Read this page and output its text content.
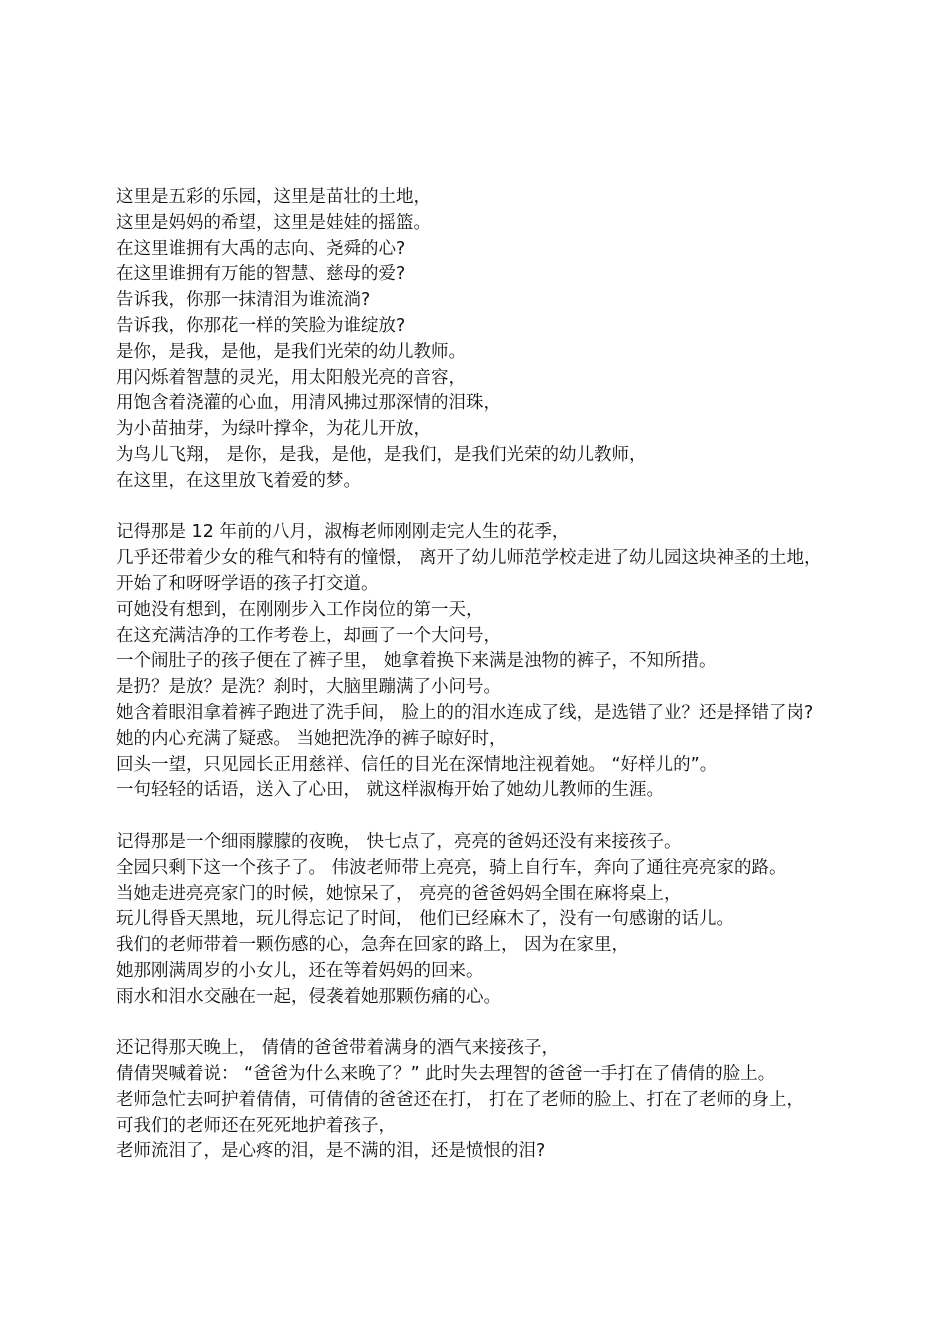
这里是五彩的乐园，这里是苗壮的土地，
这里是妈妈的希望，这里是娃娃的摇篮。
在这里谁拥有大禹的志向、尧舜的心?
在这里谁拥有万能的智慧、慈母的爱?
告诉我，你那一抹清泪为谁流淌?
告诉我，你那花一样的笑脸为谁绽放?
是你，是我，是他，是我们光荣的幼儿教师。
用闪烁着智慧的灵光，用太阳般光亮的音容，
用饱含着浇灌的心血，用清风拂过那深情的泪珠，
为小苗抽芽，为绿叶撑伞，为花儿开放，
为鸟儿飞翔， 是你，是我，是他，是我们，是我们光荣的幼儿教师，
在这里，在这里放飞着爱的梦。
记得那是 12 年前的八月，淑梅老师刚刚走完人生的花季，
几乎还带着少女的稚气和特有的憧憬， 离开了幼儿师范学校走进了幼儿园这块神圣的土地，
开始了和呀呀学语的孩子打交道。
可她没有想到，在刚刚步入工作岗位的第一天，
在这充满洁净的工作考卷上，却画了一个大问号，
一个闹肚子的孩子便在了裤子里， 她拿着换下来满是浊物的裤子，不知所措。
是扔？是放？是洗？刹时，大脑里蹦满了小问号。
她含着眼泪拿着裤子跑进了洗手间， 脸上的的泪水连成了线，是选错了业？还是择错了岗?
她的内心充满了疑惑。 当她把洗净的裤子晾好时，
回头一望，只见园长正用慈祥、信任的目光在深情地注视着她。 “好样儿的”。
一句轻轻的话语，送入了心田， 就这样淑梅开始了她幼儿教师的生涯。
记得那是一个细雨朦朦的夜晚， 快七点了，亮亮的爸妈还没有来接孩子。
全园只剩下这一个孩子了。 伟波老师带上亮亮，骑上自行车，奔向了通往亮亮家的路。
当她走进亮亮家门的时候，她惊呆了， 亮亮的爸爸妈妈全围在麻将桌上，
玩儿得昏天黑地，玩儿得忘记了时间， 他们已经麻木了，没有一句感谢的话儿。
我们的老师带着一颗伤感的心，急奔在回家的路上， 因为在家里，
她那刚满周岁的小女儿，还在等着妈妈的回来。
雨水和泪水交融在一起，侵袭着她那颗伤痛的心。
还记得那天晚上， 倩倩的爸爸带着满身的酒气来接孩子，
倩倩哭喊着说： “爸爸为什么来晚了？” 此时失去理智的爸爸一手打在了倩倩的脸上。
老师急忙去呵护着倩倩，可倩倩的爸爸还在打， 打在了老师的脸上、打在了老师的身上，
可我们的老师还在死死地护着孩子，
老师流泪了，是心疼的泪，是不满的泪，还是愤恨的泪?
